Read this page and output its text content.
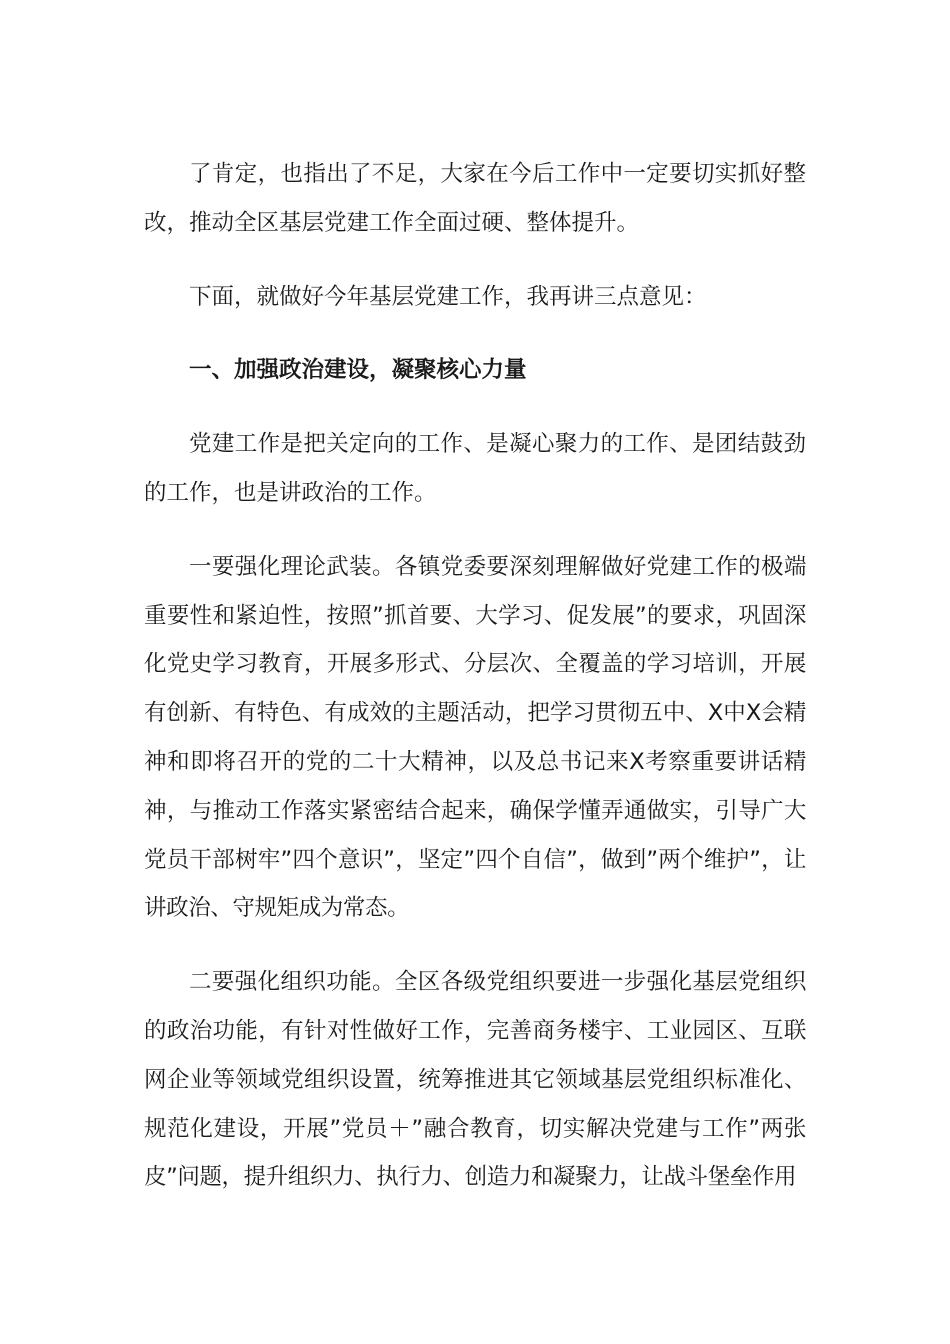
了肯定，也指出了不足，大家在今后工作中一定要切实抓好整改，推动全区基层党建工作全面过硬、整体提升。

下面，就做好今年基层党建工作，我再讲三点意见：

一、加强政治建设，凝聚核心力量

党建工作是把关定向的工作、是凝心聚力的工作、是团结鼓劲的工作，也是讲政治的工作。

一要强化理论武装。各镇党委要深刻理解做好党建工作的极端重要性和紧迫性，按照”抓首要、大学习、促发展”的要求，巩固深化党史学习教育，开展多形式、分层次、全覆盖的学习培训，开展有创新、有特色、有成效的主题活动，把学习贯彻五中、X中X会精神和即将召开的党的二十大精神，以及总书记来X考察重要讲话精神，与推动工作落实紧密结合起来，确保学懂弄通做实，引导广大党员干部树牢”四个意识”，坚定”四个自信”，做到”两个维护”，让讲政治、守规矩成为常态。

二要强化组织功能。全区各级党组织要进一步强化基层党组织的政治功能，有针对性做好工作，完善商务楼宇、工业园区、互联网企业等领域党组织设置，统筹推进其它领域基层党组织标准化、规范化建设，开展”党员＋”融合教育，切实解决党建与工作”两张皮”问题，提升组织力、执行力、创造力和凝聚力，让战斗堡垒作用
